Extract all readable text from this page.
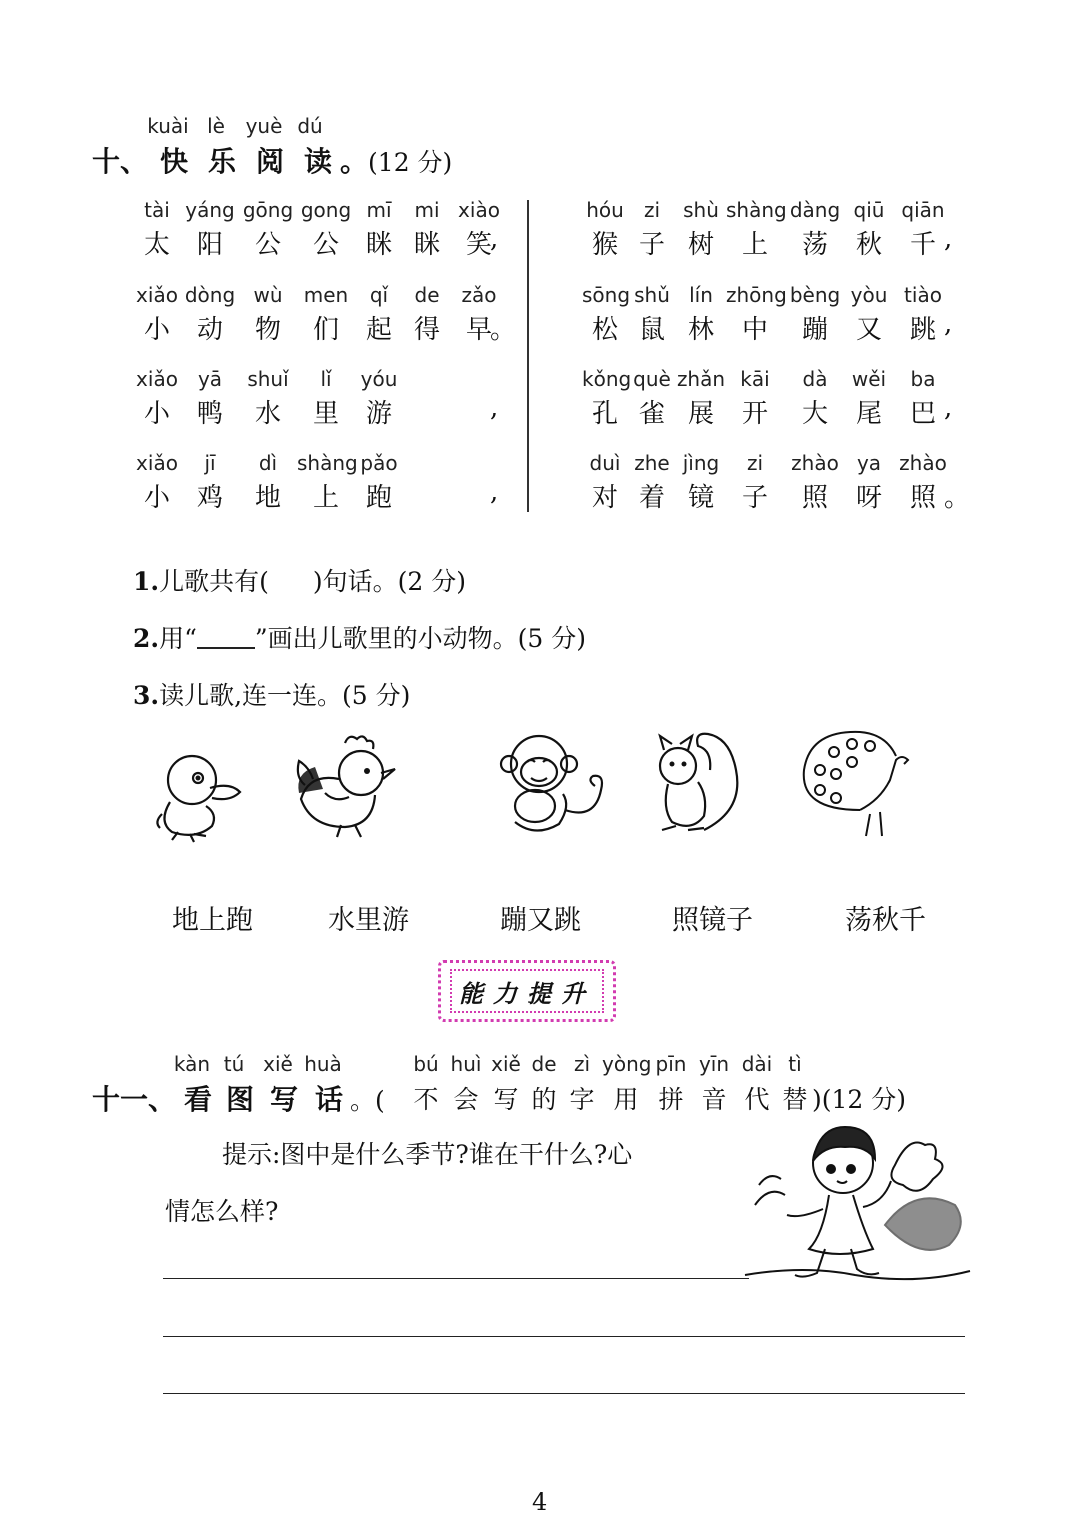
kuài lè yuè dú
十、 快 乐 阅 读 。(12 分)
tài yáng gōng gong mī mi xiào
太 阳 公 公 眯 眯 笑
,
xiǎo dòng wù men qǐ de zǎo
小 动 物 们 起 得 早
。
xiǎo yā shuǐ lǐ yóu
小 鸭 水 里 游	,
xiǎo jī dì shàng pǎo
小 鸡 地 上 跑	,
hóu zi shù shàng dàng qiū qiān
猴 子 树 上 荡 秋 千 ,
sōng shǔ lín zhōng bèng yòu tiào
松 鼠 林 中 蹦 又 跳 ,
kǒngquè zhǎn kāi dà wěi ba
孔 雀 展 开 大 尾 巴 ,
duì zhe jìng zi zhào ya zhào
对 着 镜 子 照 呀 照 。
1.儿歌共有( )句话。(2 分)
2.用“ ”画出儿歌里的小动物。(5 分)
3.读儿歌,连一连。(5 分)
地上跑	水里游	蹦又跳	照镜子	荡秋千
能力提升
kàn tú xiě huà	bú huì xiě de zì yòng pīn yīn dài tì
十一、 看 图 写 话 。( 不 会 写 的 字 用 拼 音 代 替 )(12 分)
提示:图中是什么季节?谁在干什么?心
情怎么样?
4
